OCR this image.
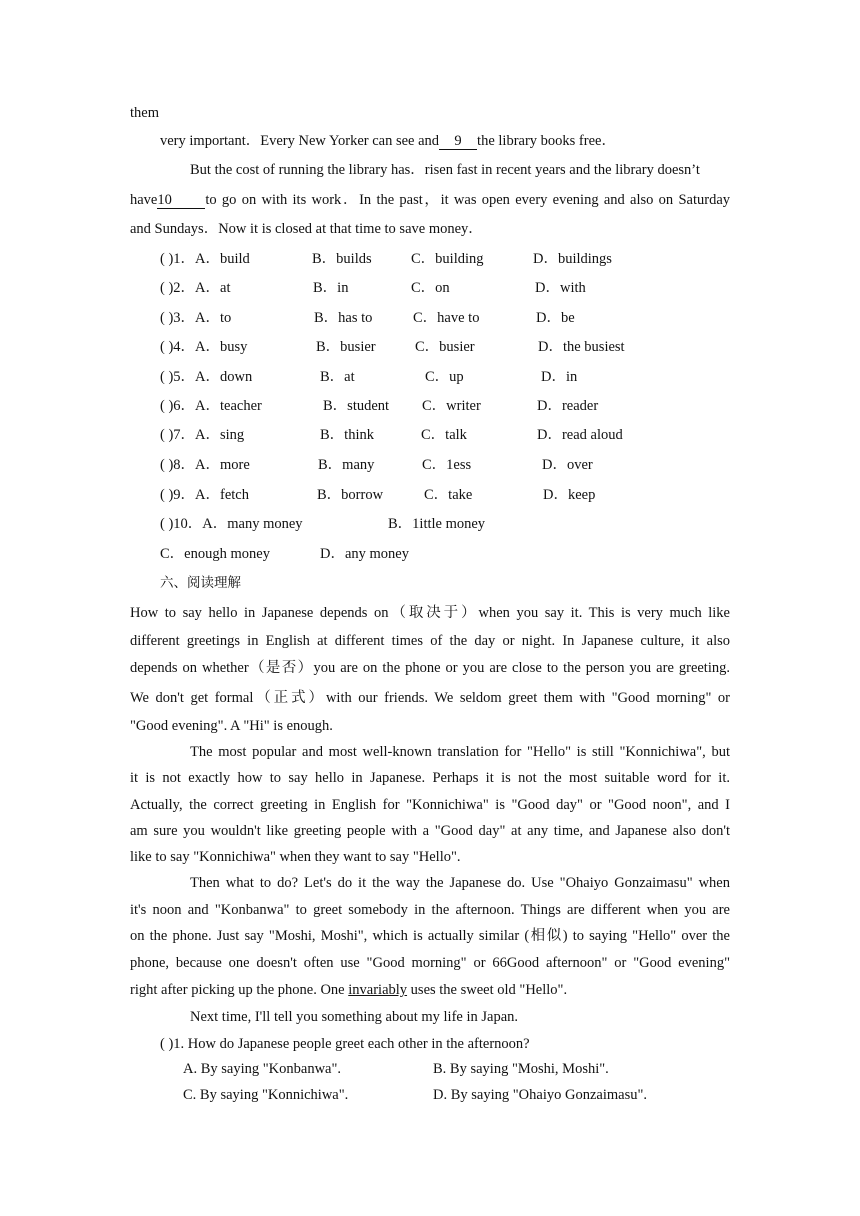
them
very important．Every New Yorker can see and 9 the library books free．
But the cost of running the library has．risen fast in recent years and the library doesn’t
have10 to go on with its work．In the past，it was open every evening and also on Saturday
and Sundays．Now it is closed at that time to save money．
( )1．A．build	B．builds	C．building	D．buildings
( )2．A．at	B．in	C．on	D．with
( )3．A．to	B．has to	C．have to	D．be
( )4．A．busy	B．busier	C．busier	D．the busiest
( )5．A．down	B．at	C．up	D．in
( )6．A．teacher	B．student C．writer	D．reader
( )7．A．sing	B．think	C．talk	D．read aloud
( )8．A．more	B．many	C．1ess	D．over
( )9．A．fetch	B．borrow	C．take	D．keep
( )10．A．many money	B．1ittle money
C．enough money	D．any money
六、阅读理解
How to say hello in Japanese depends on（取决于）when you say it. This is very much like
different greetings in English at different times of the day or night. In Japanese culture, it also
depends on whether（是否）you are on the phone or you are close to the person you are greeting.
We don't get formal（正式）with our friends. We seldom greet them with "Good morning" or
"Good evening". A "Hi" is enough.
The most popular and most well-known translation for "Hello" is still "Konnichiwa", but
it is not exactly how to say hello in Japanese. Perhaps it is not the most suitable word for it.
Actually, the correct greeting in English for "Konnichiwa" is "Good day" or "Good noon", and I
am sure you wouldn't like greeting people with a "Good day" at any time, and Japanese also don't
like to say "Konnichiwa" when they want to say "Hello".
Then what to do? Let's do it the way the Japanese do. Use "Ohaiyo Gonzaimasu" when
it's noon and "Konbanwa" to greet somebody in the afternoon. Things are different when you are
on the phone. Just say "Moshi, Moshi", which is actually similar (相似) to saying "Hello" over the
phone, because one doesn't often use "Good morning" or 66Good afternoon" or "Good evening"
right after picking up the phone. One invariably uses the sweet old "Hello".
Next time, I'll tell you something about my life in Japan.
( )1. How do Japanese people greet each other in the afternoon?
A. By saying "Konbanwa".	B. By saying "Moshi, Moshi".
C. By saying "Konnichiwa".	D. By saying "Ohaiyo Gonzaimasu".
